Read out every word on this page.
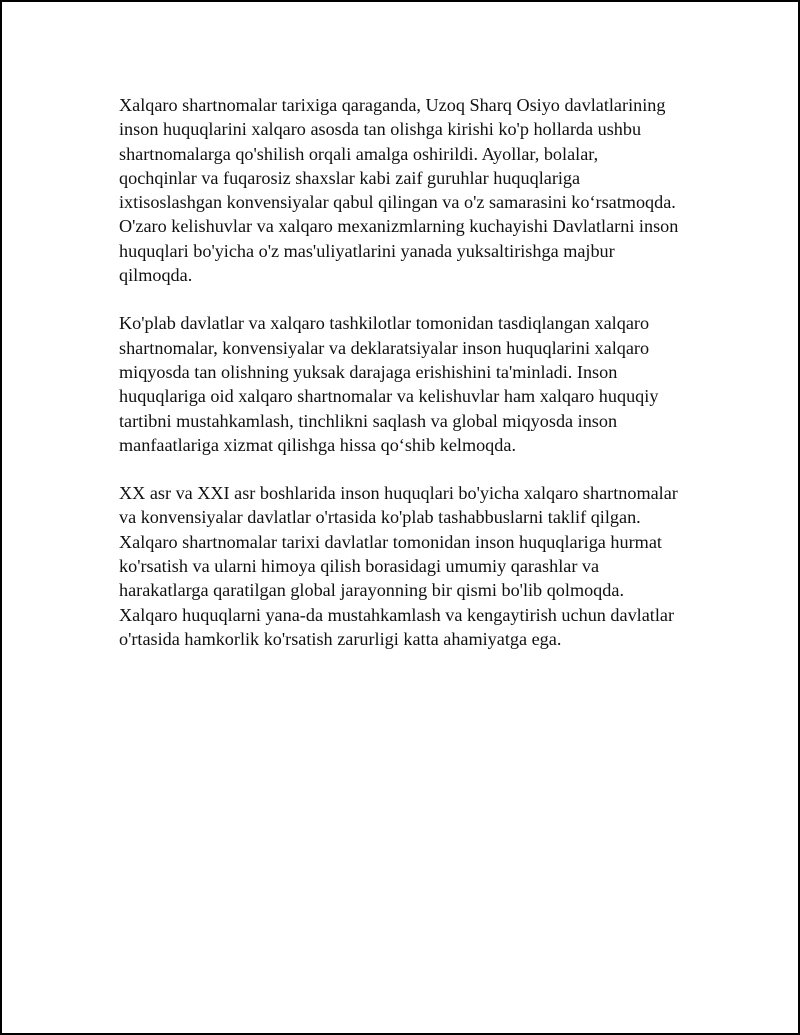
Xalqaro shartnomalar tarixiga qaraganda, Uzoq Sharq Osiyo davlatlarining
inson huquqlarini xalqaro asosda tan olishga kirishi ko'p hollarda ushbu
shartnomalarga qo'shilish orqali amalga oshirildi. Ayollar, bolalar,
qochqinlar va fuqarosiz shaxslar kabi zaif guruhlar huquqlariga
ixtisoslashgan konvensiyalar qabul qilingan va o'z samarasini ko‘rsatmoqda.
O'zaro kelishuvlar va xalqaro mexanizmlarning kuchayishi Davlatlarni inson
huquqlari bo'yicha o'z mas'uliyatlarini yanada yuksaltirishga majbur
qilmoqda.

Ko'plab davlatlar va xalqaro tashkilotlar tomonidan tasdiqlangan xalqaro
shartnomalar, konvensiyalar va deklaratsiyalar inson huquqlarini xalqaro
miqyosda tan olishning yuksak darajaga erishishini ta'minladi. Inson
huquqlariga oid xalqaro shartnomalar va kelishuvlar ham xalqaro huquqiy
tartibni mustahkamlash, tinchlikni saqlash va global miqyosda inson
manfaatlariga xizmat qilishga hissa qo‘shib kelmoqda.

XX asr va XXI asr boshlarida inson huquqlari bo'yicha xalqaro shartnomalar
va konvensiyalar davlatlar o'rtasida ko'plab tashabbuslarni taklif qilgan.
Xalqaro shartnomalar tarixi davlatlar tomonidan inson huquqlariga hurmat
ko'rsatish va ularni himoya qilish borasidagi umumiy qarashlar va
harakatlarga qaratilgan global jarayonning bir qismi bo'lib qolmoqda.
Xalqaro huquqlarni yana-da mustahkamlash va kengaytirish uchun davlatlar
o'rtasida hamkorlik ko'rsatish zarurligi katta ahamiyatga ega.
